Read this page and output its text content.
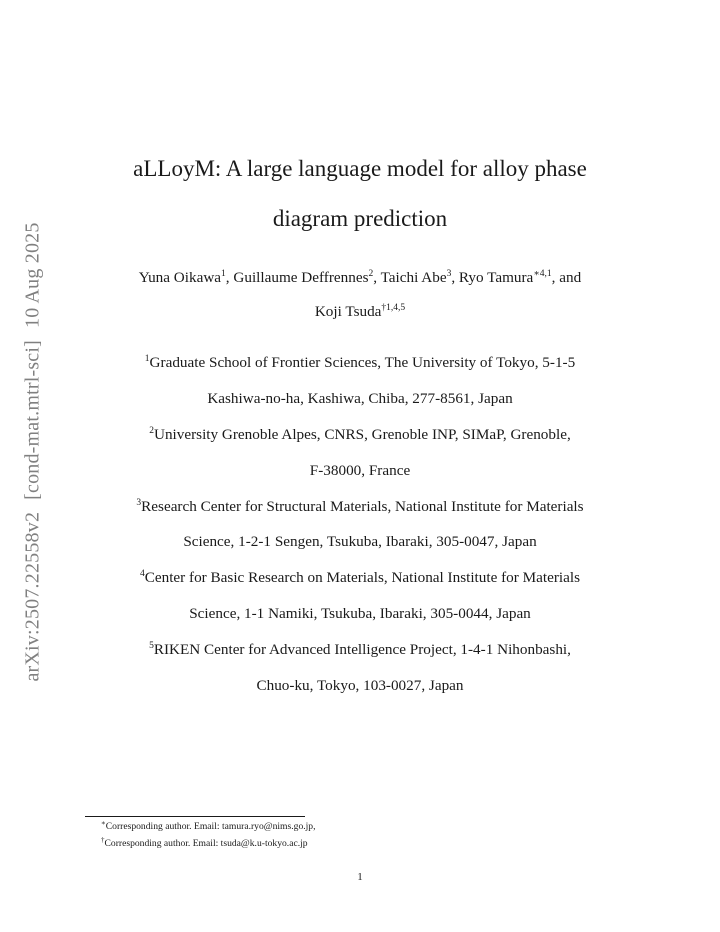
arXiv:2507.22558v2[cond-mat.mtrl-sci]10 Aug 2025
aLLoyM: A large language model for alloy phase
diagram prediction
Yuna Oikawa$^1$, Guillaume Deffrennes$^2$, Taichi Abe$^3$, Ryo Tamura$^{∗4,1}$, and
Koji Tsuda$^{\dagger 1,4,5}$
$^1$Graduate School of Frontier Sciences, The University of Tokyo, 5-1-5
Kashiwa-no-ha, Kashiwa, Chiba, 277-8561, Japan
$^2$University Grenoble Alpes, CNRS, Grenoble INP, SIMaP, Grenoble,
F-38000, France
$^3$Research Center for Structural Materials, National Institute for Materials
Science, 1-2-1 Sengen, Tsukuba, Ibaraki, 305-0047, Japan
$^4$Center for Basic Research on Materials, National Institute for Materials
Science, 1-1 Namiki, Tsukuba, Ibaraki, 305-0044, Japan
$^5$RIKEN Center for Advanced Intelligence Project, 1-4-1 Nihonbashi,
Chuo-ku, Tokyo, 103-0027, Japan
∗Corresponding author. Email: tamura.ryo@nims.go.jp,
†Corresponding author. Email: tsuda@k.u-tokyo.ac.jp
1
